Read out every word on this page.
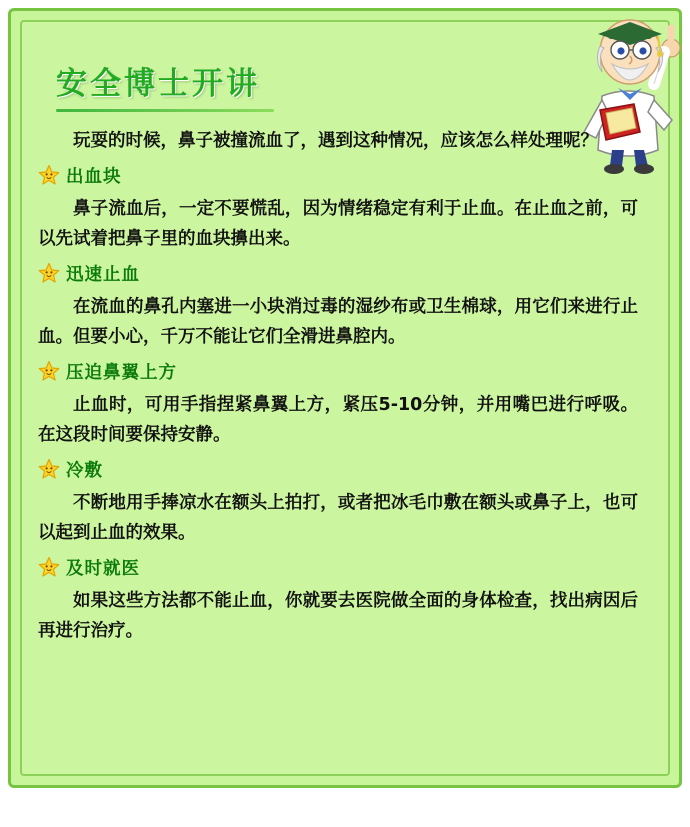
安全博士开讲

玩耍的时候，鼻子被撞流血了，遇到这种情况，应该怎么样处理呢？

出血块

鼻子流血后，一定不要慌乱，因为情绪稳定有利于止血。在止血之前，可以先试着把鼻子里的血块擤出来。

迅速止血

在流血的鼻孔内塞进一小块消过毒的湿纱布或卫生棉球，用它们来进行止血。但要小心，千万不能让它们全滑进鼻腔内。

压迫鼻翼上方

止血时，可用手指捏紧鼻翼上方，紧压5-10分钟，并用嘴巴进行呼吸。在这段时间要保持安静。

冷敷

不断地用手捧凉水在额头上拍打，或者把冰毛巾敷在额头或鼻子上，也可以起到止血的效果。

及时就医

如果这些方法都不能止血，你就要去医院做全面的身体检查，找出病因后再进行治疗。
